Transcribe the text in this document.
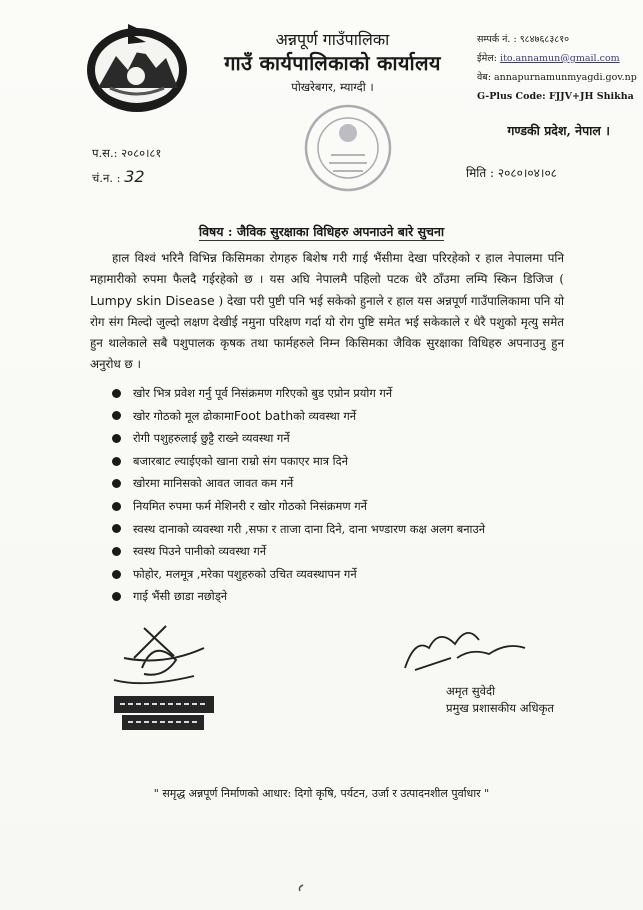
अन्नपूर्ण गाउँपालिका
गाउँ कार्यपालिकाको कार्यालय
पोखरेबगर, म्याग्दी ।
सम्पर्क नं. : ९८४७६८३८१०
ईमेल: ito.annamun@gmail.com
वेब: annapurnamunmyagdi.gov.np
G-Plus Code: FJJV+JH Shikha
गण्डकी प्रदेश, नेपाल ।
प.स.: २०८०।८१
चं.न. : 32	मिति : २०८०।०४।०८
विषय : जैविक सुरक्षाका विधिहरु अपनाउने बारे सुचना
हाल विश्वं भरिनै विभिन्न किसिमका रोगहरु बिशेष गरी गाई भैंसीमा देखा परिरहेको र हाल नेपालमा पनि महामारीको रुपमा फैलदै गईरहेको छ । यस अघि नेपालमै पहिलो पटक धेरै ठाँउमा लम्पि स्किन डिजिज ( Lumpy skin Disease ) देखा परी पुष्टी पनि भई सकेको हुनाले र हाल यस अन्नपूर्ण गाउँपालिकामा पनि यो रोग संग मिल्दो जुल्दो लक्षण देखीई नमुना परिक्षण गर्दा यो रोग पुष्टि समेत भई सकेकाले र धेरै पशुको मृत्यु समेत हुन थालेकाले सबै पशुपालक कृषक तथा फार्महरुले निम्न किसिमका जैविक सुरक्षाका विधिहरु अपनाउनु हुन अनुरोध छ ।
खोर भित्र प्रवेश गर्नु पूर्व निसंक्रमण गरिएको बुड एप्रोन प्रयोग गर्ने
खोर गोठको मूल ढोकामा Foot bath को व्यवस्था गर्ने
रोगी पशुहरुलाई छुट्टै राख्ने व्यवस्था गर्ने
बजारबाट ल्याईएको खाना राम्रो संग पकाएर मात्र दिने
खोरमा मानिसको आवत जावत कम गर्ने
नियमित रुपमा फर्म मेशिनरी र खोर गोठको निसंक्रमण गर्ने
स्वस्थ दानाको व्यवस्था गरी ,सफा र ताजा दाना दिने, दाना भण्डारण कक्ष अलग बनाउने
स्वस्थ पिउने पानीको व्यवस्था गर्ने
फोहोर, मलमूत्र ,मरेका पशुहरुको उचित व्यवस्थापन गर्ने
गाई भैंसी छाडा नछोड्ने
अमृत सुवेदी
प्रमुख प्रशासकीय अधिकृत
" समृद्ध अन्नपूर्ण निर्माणको आधार: दिगो कृषि, पर्यटन, उर्जा र उत्पादनशील पुर्वाधार "
